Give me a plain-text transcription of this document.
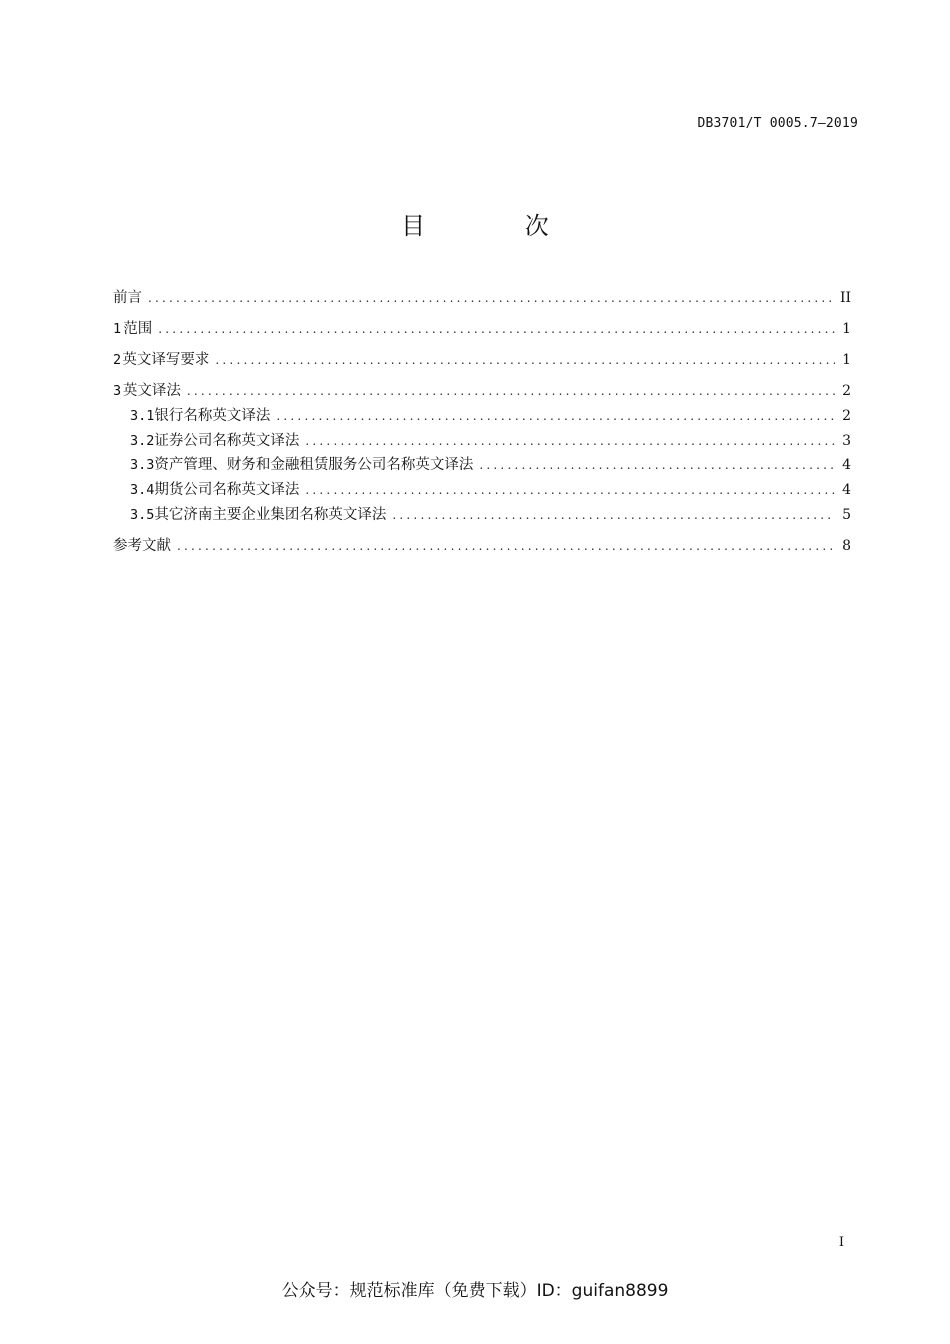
DB3701/T 0005.7—2019
目 次
前言 .....	II
1 范围 .....	1
2 英文译写要求 .....	1
3 英文译法 .....	2
3.1 银行名称英文译法 .....	2
3.2 证券公司名称英文译法 .....	3
3.3 资产管理、财务和金融租赁服务公司名称英文译法 .....	4
3.4 期货公司名称英文译法 .....	4
3.5 其它济南主要企业集团名称英文译法 .....	5
参考文献 .....	8
I
公众号：规范标准库（免费下载）ID：guifan8899
